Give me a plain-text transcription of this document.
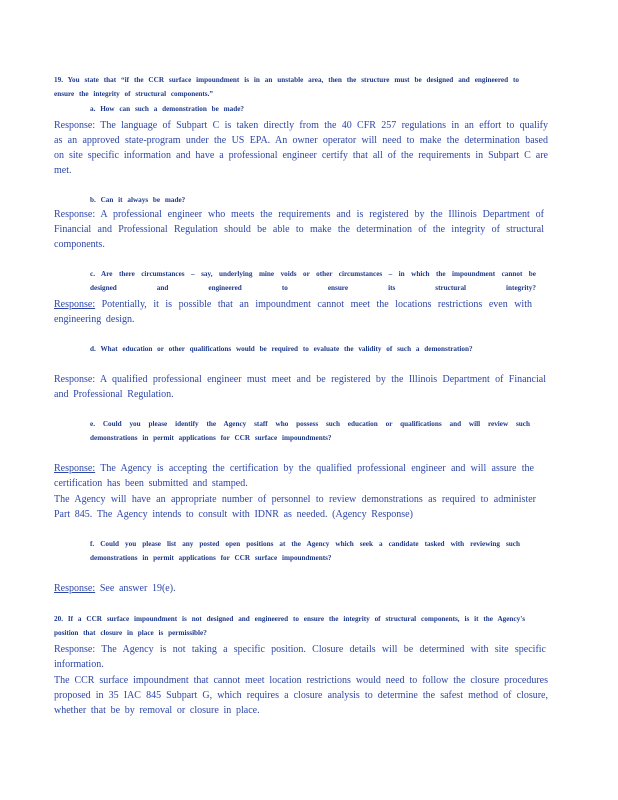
19. You state that “if the CCR surface impoundment is in an unstable area, then the structure must be designed and engineered to ensure the integrity of structural components.”
a. How can such a demonstration be made?
Response: The language of Subpart C is taken directly from the 40 CFR 257 regulations in an effort to qualify as an approved state-program under the US EPA. An owner operator will need to make the determination based on site specific information and have a professional engineer certify that all of the requirements in Subpart C are met.
b. Can it always be made?
Response: A professional engineer who meets the requirements and is registered by the Illinois Department of Financial and Professional Regulation should be able to make the determination of the integrity of structural components.
c. Are there circumstances – say, underlying mine voids or other circumstances – in which the impoundment cannot be designed and engineered to ensure its structural integrity?
Response: Potentially, it is possible that an impoundment cannot meet the locations restrictions even with engineering design.
d. What education or other qualifications would be required to evaluate the validity of such a demonstration?
Response: A qualified professional engineer must meet and be registered by the Illinois Department of Financial and Professional Regulation.
e. Could you please identify the Agency staff who possess such education or qualifications and will review such demonstrations in permit applications for CCR surface impoundments?
Response: The Agency is accepting the certification by the qualified professional engineer and will assure the certification has been submitted and stamped.
The Agency will have an appropriate number of personnel to review demonstrations as required to administer Part 845. The Agency intends to consult with IDNR as needed. (Agency Response)
f. Could you please list any posted open positions at the Agency which seek a candidate tasked with reviewing such demonstrations in permit applications for CCR surface impoundments?
Response: See answer 19(e).
20. If a CCR surface impoundment is not designed and engineered to ensure the integrity of structural components, is it the Agency's position that closure in place is permissible?
Response: The Agency is not taking a specific position. Closure details will be determined with site specific information.
The CCR surface impoundment that cannot meet location restrictions would need to follow the closure procedures proposed in 35 IAC 845 Subpart G, which requires a closure analysis to determine the safest method of closure, whether that be by removal or closure in place.
